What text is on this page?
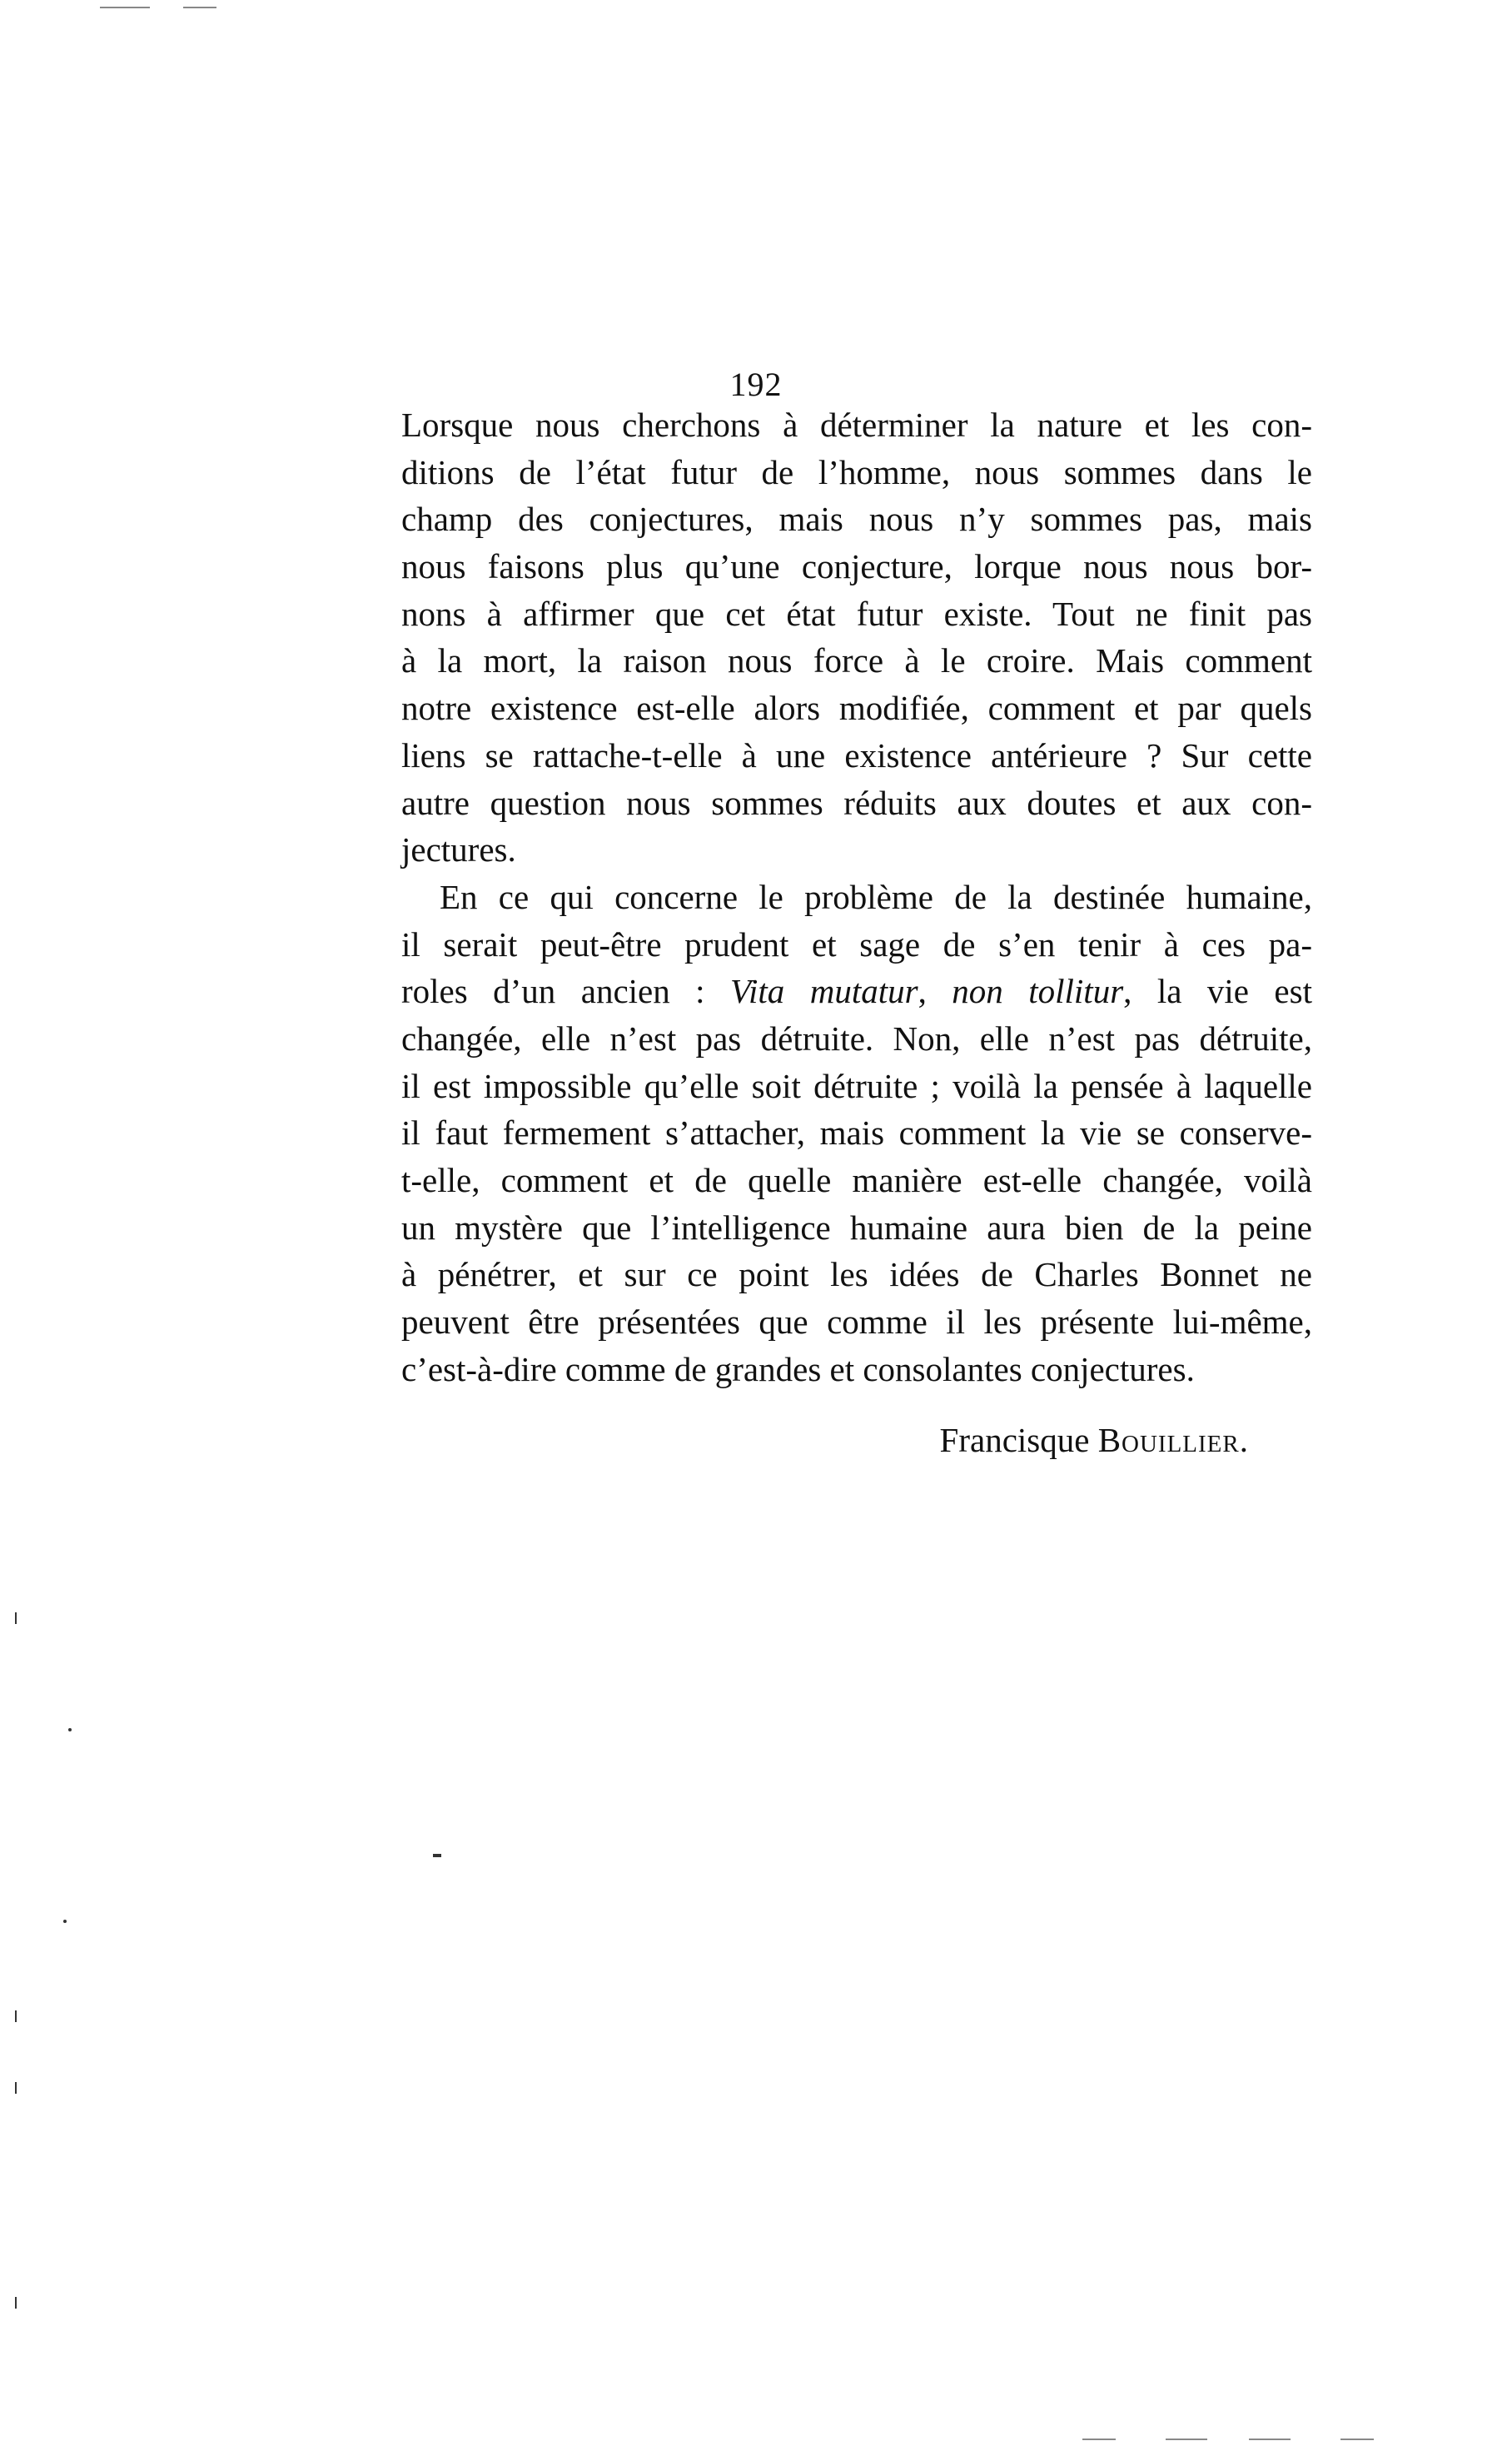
192
Lorsque nous cherchons à déterminer la nature et les con-
ditions de l’état futur de l’homme, nous sommes dans le
champ des conjectures, mais nous n’y sommes pas, mais
nous faisons plus qu’une conjecture, lorque nous nous bor-
nons à affirmer que cet état futur existe. Tout ne finit pas
à la mort, la raison nous force à le croire. Mais comment
notre existence est-elle alors modifiée, comment et par quels
liens se rattache-t-elle à une existence antérieure ? Sur cette
autre question nous sommes réduits aux doutes et aux con-
jectures.
En ce qui concerne le problème de la destinée humaine,
il serait peut-être prudent et sage de s’en tenir à ces pa-
roles d’un ancien : Vita mutatur, non tollitur, la vie est
changée, elle n’est pas détruite. Non, elle n’est pas détruite,
il est impossible qu’elle soit détruite ; voilà la pensée à laquelle
il faut fermement s’attacher, mais comment la vie se conserve-
t-elle, comment et de quelle manière est-elle changée, voilà
un mystère que l’intelligence humaine aura bien de la peine
à pénétrer, et sur ce point les idées de Charles Bonnet ne
peuvent être présentées que comme il les présente lui-même,
c’est-à-dire comme de grandes et consolantes conjectures.
Francisque Bouillier.
